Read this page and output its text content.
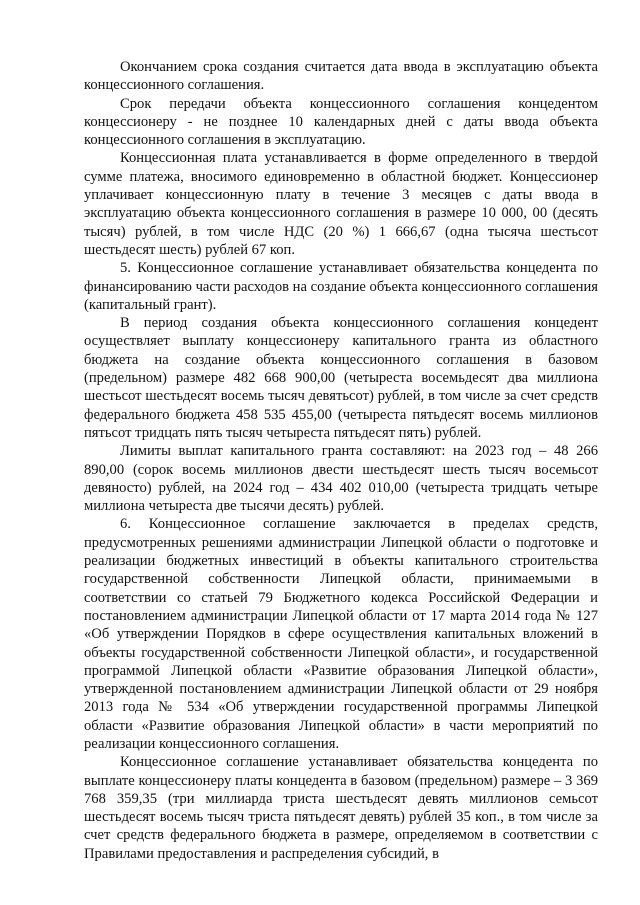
Окончанием срока создания считается дата ввода в эксплуатацию объекта концессионного соглашения.

Срок передачи объекта концессионного соглашения концедентом концессионеру - не позднее 10 календарных дней с даты ввода объекта концессионного соглашения в эксплуатацию.

Концессионная плата устанавливается в форме определенного в твердой сумме платежа, вносимого единовременно в областной бюджет. Концессионер уплачивает концессионную плату в течение 3 месяцев с даты ввода в эксплуатацию объекта концессионного соглашения в размере 10 000, 00 (десять тысяч) рублей, в том числе НДС (20 %) 1 666,67 (одна тысяча шестьсот шестьдесят шесть) рублей 67 коп.

5. Концессионное соглашение устанавливает обязательства концедента по финансированию части расходов на создание объекта концессионного соглашения (капитальный грант).

В период создания объекта концессионного соглашения концедент осуществляет выплату концессионеру капитального гранта из областного бюджета на создание объекта концессионного соглашения в базовом (предельном) размере 482 668 900,00 (четыреста восемьдесят два миллиона шестьсот шестьдесят восемь тысяч девятьсот) рублей, в том числе за счет средств федерального бюджета 458 535 455,00 (четыреста пятьдесят восемь миллионов пятьсот тридцать пять тысяч четыреста пятьдесят пять) рублей.

Лимиты выплат капитального гранта составляют: на 2023 год – 48 266 890,00 (сорок восемь миллионов двести шестьдесят шесть тысяч восемьсот девяносто) рублей, на 2024 год – 434 402 010,00 (четыреста тридцать четыре миллиона четыреста две тысячи десять) рублей.

6. Концессионное соглашение заключается в пределах средств, предусмотренных решениями администрации Липецкой области о подготовке и реализации бюджетных инвестиций в объекты капитального строительства государственной собственности Липецкой области, принимаемыми в соответствии со статьей 79 Бюджетного кодекса Российской Федерации и постановлением администрации Липецкой области от 17 марта 2014 года № 127 «Об утверждении Порядков в сфере осуществления капитальных вложений в объекты государственной собственности Липецкой области», и государственной программой Липецкой области «Развитие образования Липецкой области», утвержденной постановлением администрации Липецкой области от 29 ноября 2013 года № 534 «Об утверждении государственной программы Липецкой области «Развитие образования Липецкой области» в части мероприятий по реализации концессионного соглашения.

Концессионное соглашение устанавливает обязательства концедента по выплате концессионеру платы концедента в базовом (предельном) размере – 3 369 768 359,35 (три миллиарда триста шестьдесят девять миллионов семьсот шестьдесят восемь тысяч триста пятьдесят девять) рублей 35 коп., в том числе за счет средств федерального бюджета в размере, определяемом в соответствии с Правилами предоставления и распределения субсидий, в
